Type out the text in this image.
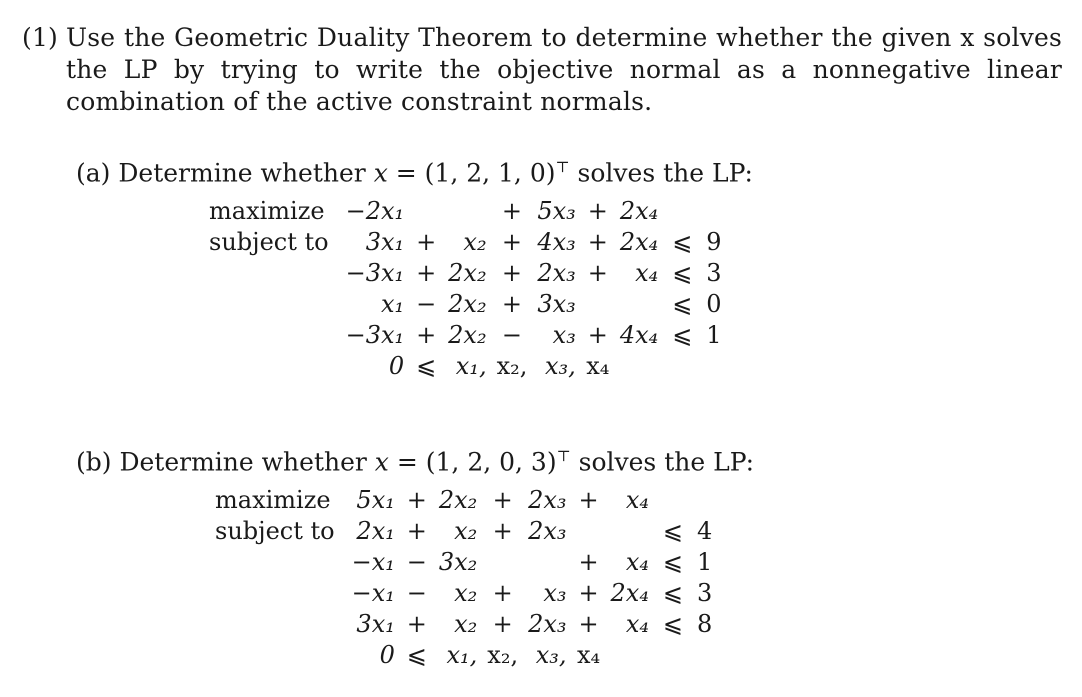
(1) Use the Geometric Duality Theorem to determine whether the given x solves the LP by trying to write the objective normal as a nonnegative linear combination of the active constraint normals.
(a) Determine whether x = (1, 2, 1, 0)⊤ solves the LP:
maximize	−2x₁			+	5x₃	+	2x₄		
subject to	3x₁	+	x₂	+	4x₃	+	2x₄	⩽	9
	−3x₁	+	2x₂	+	2x₃	+	x₄	⩽	3
	x₁	−	2x₂	+	3x₃			⩽	0
	−3x₁	+	2x₂	−	x₃	+	4x₄	⩽	1
	0	⩽	x₁,	x₂,	x₃,	x₄			
(b) Determine whether x = (1, 2, 0, 3)⊤ solves the LP:
maximize	5x₁	+	2x₂	+	2x₃	+	x₄		
subject to	2x₁	+	x₂	+	2x₃			⩽	4
	−x₁	−	3x₂			+	x₄	⩽	1
	−x₁	−	x₂	+	x₃	+	2x₄	⩽	3
	3x₁	+	x₂	+	2x₃	+	x₄	⩽	8
	0	⩽	x₁,	x₂,	x₃,	x₄			
